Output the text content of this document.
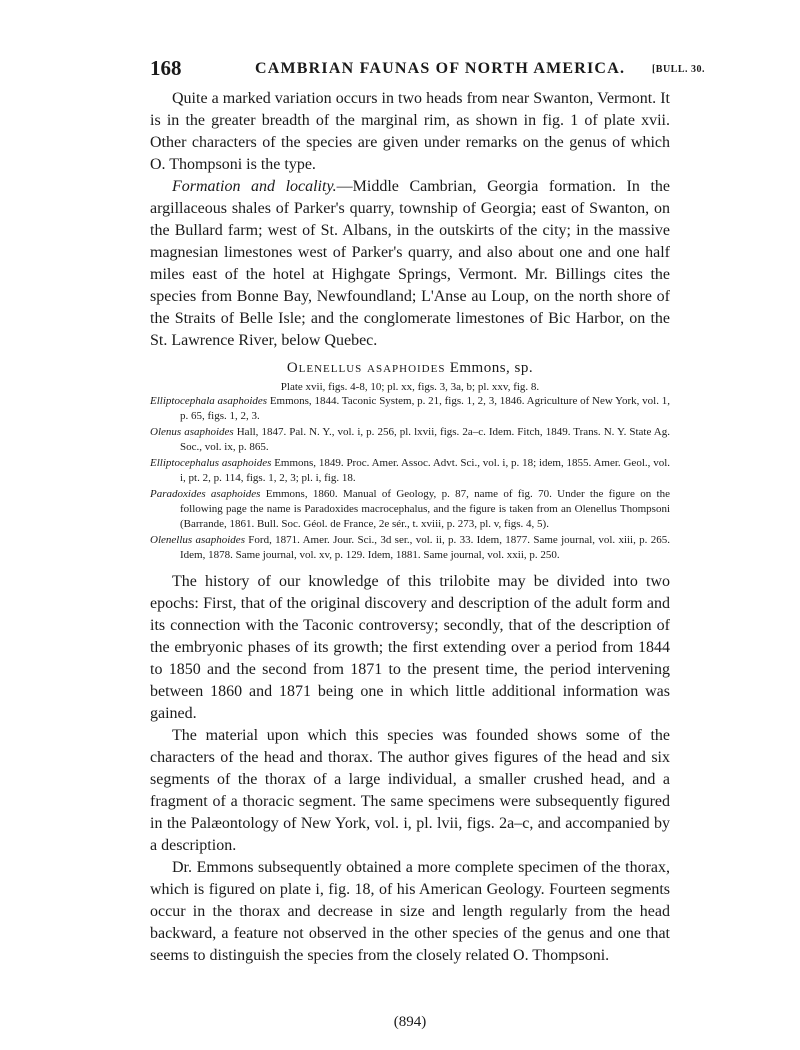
168	CAMBRIAN FAUNAS OF NORTH AMERICA.	[BULL. 30.

Quite a marked variation occurs in two heads from near Swanton, Vermont. It is in the greater breadth of the marginal rim, as shown in fig. 1 of plate xvii. Other characters of the species are given under remarks on the genus of which O. Thompsoni is the type.

Formation and locality.—Middle Cambrian, Georgia formation. In the argillaceous shales of Parker's quarry, township of Georgia; east of Swanton, on the Bullard farm; west of St. Albans, in the outskirts of the city; in the massive magnesian limestones west of Parker's quarry, and also about one and one half miles east of the hotel at Highgate Springs, Vermont. Mr. Billings cites the species from Bonne Bay, Newfoundland; L'Anse au Loup, on the north shore of the Straits of Belle Isle; and the conglomerate limestones of Bic Harbor, on the St. Lawrence River, below Quebec.

Olenellus asaphoides Emmons, sp.

Plate xvii, figs. 4-8, 10; pl. xx, figs. 3, 3a, b; pl. xxv, fig. 8.

Elliptocephala asaphoides Emmons, 1844. Taconic System, p. 21, figs. 1, 2, 3, 1846. Agriculture of New York, vol. 1, p. 65, figs. 1, 2, 3.

Olenus asaphoides Hall, 1847. Pal. N. Y., vol. i, p. 256, pl. lxvii, figs. 2a–c. Idem. Fitch, 1849. Trans. N. Y. State Ag. Soc., vol. ix, p. 865.

Elliptocephalus asaphoides Emmons, 1849. Proc. Amer. Assoc. Advt. Sci., vol. i, p. 18; idem, 1855. Amer. Geol., vol. i, pt. 2, p. 114, figs. 1, 2, 3; pl. i, fig. 18.

Paradoxides asaphoides Emmons, 1860. Manual of Geology, p. 87, name of fig. 70. Under the figure on the following page the name is Paradoxides macrocephalus, and the figure is taken from an Olenellus Thompsoni (Barrande, 1861. Bull. Soc. Géol. de France, 2e sér., t. xviii, p. 273, pl. v, figs. 4, 5).

Olenellus asaphoides Ford, 1871. Amer. Jour. Sci., 3d ser., vol. ii, p. 33. Idem, 1877. Same journal, vol. xiii, p. 265. Idem, 1878. Same journal, vol. xv, p. 129. Idem, 1881. Same journal, vol. xxii, p. 250.

The history of our knowledge of this trilobite may be divided into two epochs: First, that of the original discovery and description of the adult form and its connection with the Taconic controversy; secondly, that of the description of the embryonic phases of its growth; the first extending over a period from 1844 to 1850 and the second from 1871 to the present time, the period intervening between 1860 and 1871 being one in which little additional information was gained.

The material upon which this species was founded shows some of the characters of the head and thorax. The author gives figures of the head and six segments of the thorax of a large individual, a smaller crushed head, and a fragment of a thoracic segment. The same specimens were subsequently figured in the Palæontology of New York, vol. i, pl. lvii, figs. 2a–c, and accompanied by a description.

Dr. Emmons subsequently obtained a more complete specimen of the thorax, which is figured on plate i, fig. 18, of his American Geology. Fourteen segments occur in the thorax and decrease in size and length regularly from the head backward, a feature not observed in the other species of the genus and one that seems to distinguish the species from the closely related O. Thompsoni.

(894)
